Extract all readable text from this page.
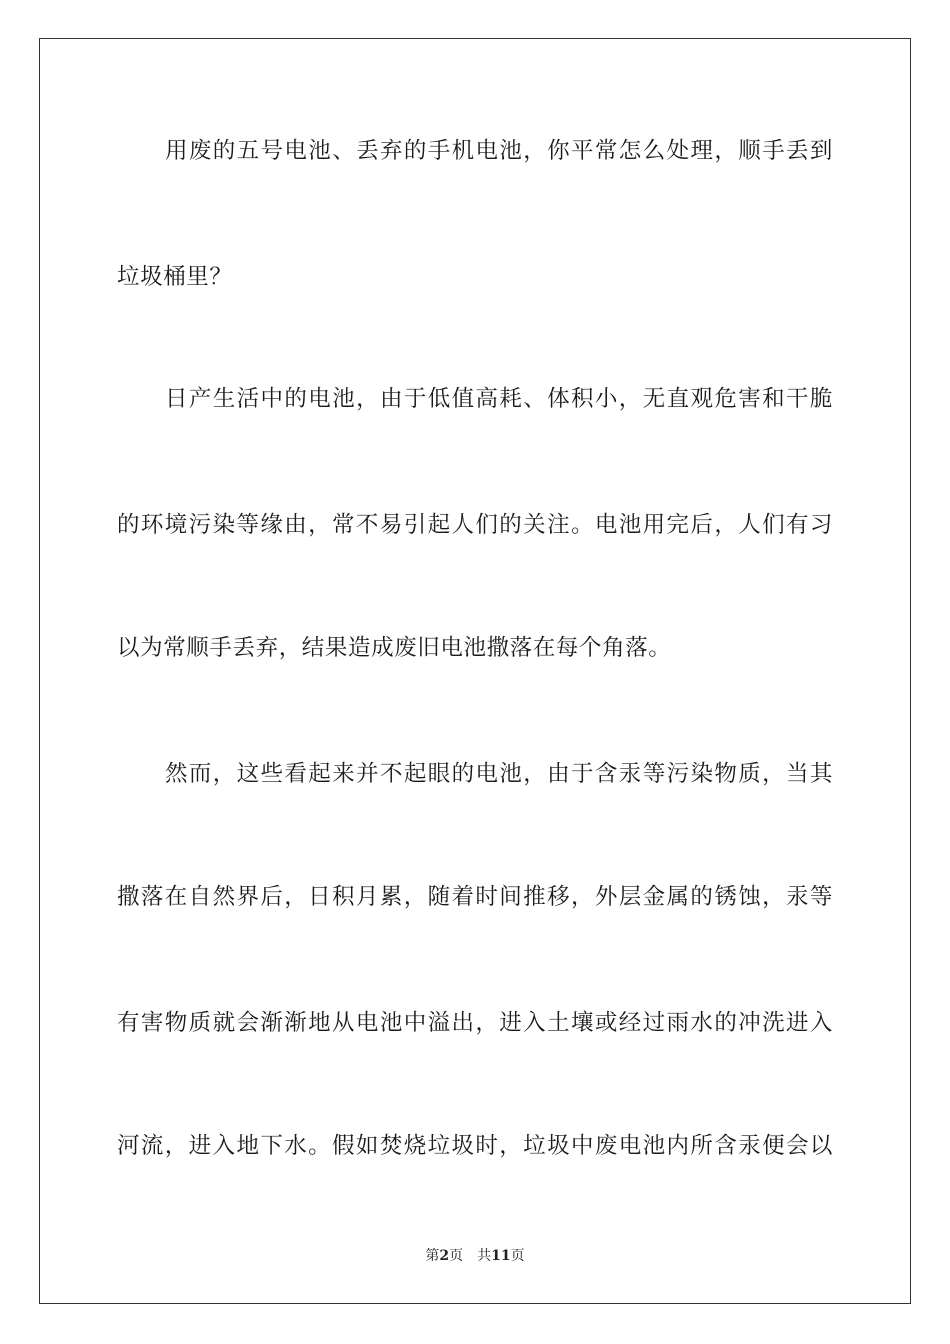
用废的五号电池、丢弃的手机电池，你平常怎么处理，顺手丢到
垃圾桶里？
日产生活中的电池，由于低值高耗、体积小，无直观危害和干脆
的环境污染等缘由，常不易引起人们的关注。电池用完后，人们有习
以为常顺手丢弃，结果造成废旧电池撒落在每个角落。
然而，这些看起来并不起眼的电池，由于含汞等污染物质，当其
撒落在自然界后，日积月累，随着时间推移，外层金属的锈蚀，汞等
有害物质就会渐渐地从电池中溢出，进入土壤或经过雨水的冲洗进入
河流，进入地下水。假如焚烧垃圾时，垃圾中废电池内所含汞便会以
第2页 共11页
